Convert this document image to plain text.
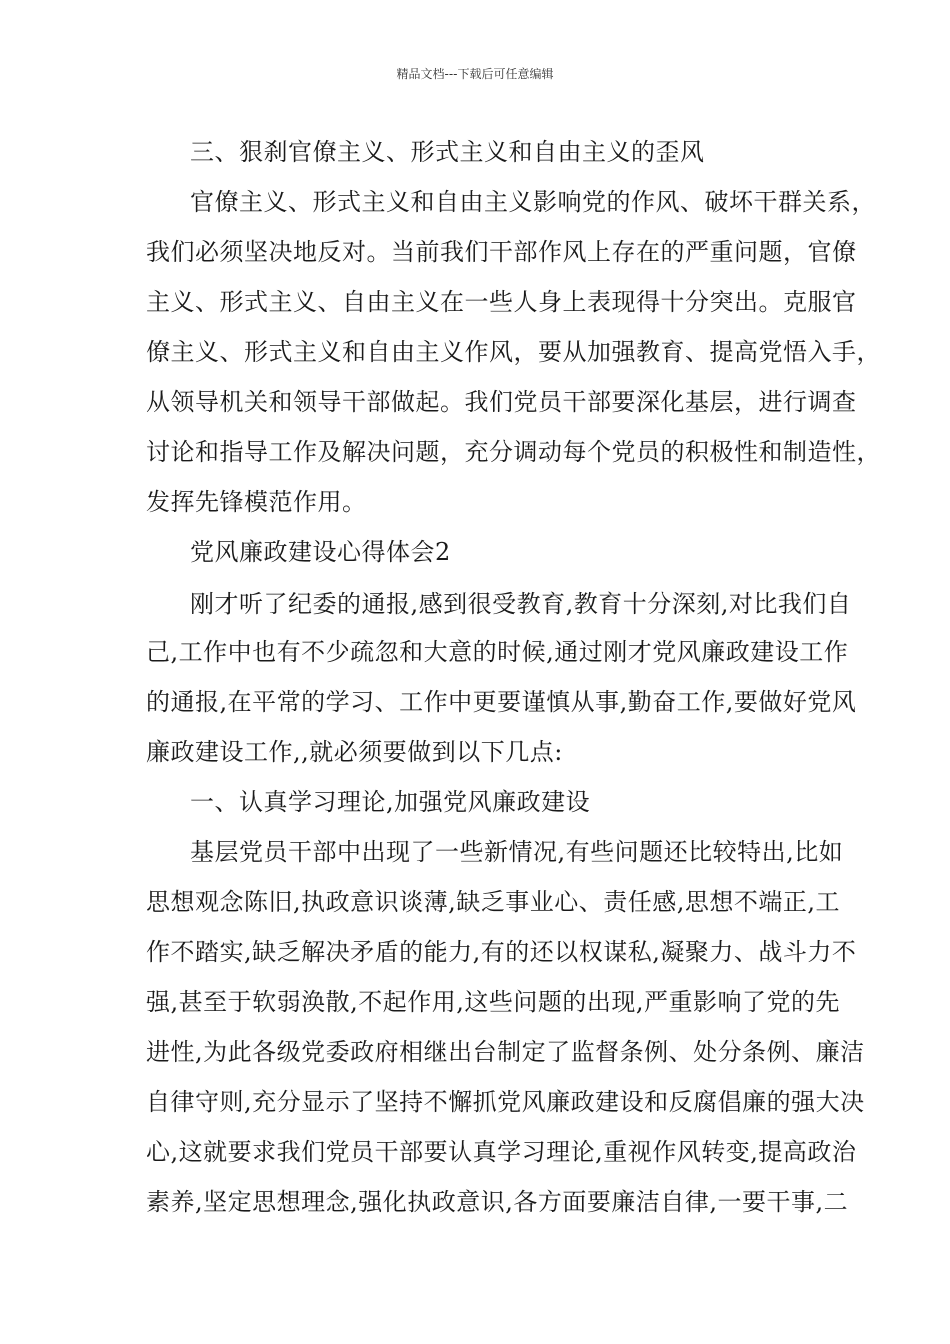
精品文档---下载后可任意编辑
三、狠刹官僚主义、形式主义和自由主义的歪风
官僚主义、形式主义和自由主义影响党的作风、破坏干群关系，
我们必须坚决地反对。当前我们干部作风上存在的严重问题，官僚
主义、形式主义、自由主义在一些人身上表现得十分突出。克服官
僚主义、形式主义和自由主义作风，要从加强教育、提高党悟入手，
从领导机关和领导干部做起。我们党员干部要深化基层，进行调查
讨论和指导工作及解决问题，充分调动每个党员的积极性和制造性，
发挥先锋模范作用。
党风廉政建设心得体会2
刚才听了纪委的通报,感到很受教育,教育十分深刻,对比我们自
己,工作中也有不少疏忽和大意的时候,通过刚才党风廉政建设工作
的通报,在平常的学习、工作中更要谨慎从事,勤奋工作,要做好党风
廉政建设工作,,就必须要做到以下几点:
一、认真学习理论,加强党风廉政建设
基层党员干部中出现了一些新情况,有些问题还比较特出,比如
思想观念陈旧,执政意识谈薄,缺乏事业心、责任感,思想不端正,工
作不踏实,缺乏解决矛盾的能力,有的还以权谋私,凝聚力、战斗力不
强,甚至于软弱涣散,不起作用,这些问题的出现,严重影响了党的先
进性,为此各级党委政府相继出台制定了监督条例、处分条例、廉洁
自律守则,充分显示了坚持不懈抓党风廉政建设和反腐倡廉的强大决
心,这就要求我们党员干部要认真学习理论,重视作风转变,提高政治
素养,坚定思想理念,强化执政意识,各方面要廉洁自律,一要干事,二
